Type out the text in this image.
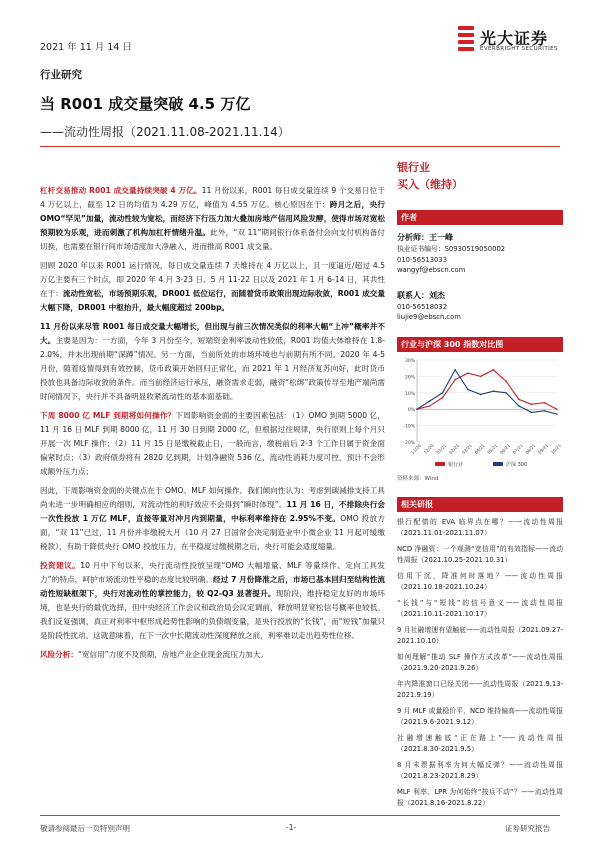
2021 年 11 月 14 日	光大证券
EVERBRIGHT SECURITIES
行业研究
当 R001 成交量突破 4.5 万亿
——流动性周报（2021.11.08-2021.11.14）

杠杆交易推动 R001 成交量持续突破 4 万亿。11 月份以来，R001 每日成交量连续 9 个交易日位于 4 万亿以上，截至 12 日的均值为 4.29 万亿，峰值为 4.55 万亿。核心原因在于：跨月之后，央行 OMO“罕见”加量，流动性较为宽松，而经济下行压力加大叠加房地产信用风险发酵，使得市场对宽松预期较为乐观，进而刺激了机构加杠杆情绪升温。此外，“双 11”期间银行体系备付会向支付机构备付切换，也需要在银行间市场适度加大净融入，进而推高 R001 成交量。

回顾 2020 年以来 R001 运行情况，每日成交量连续 7 天维持在 4 万亿以上，且一度逼近/超过 4.5 万亿主要有三个时点，即 2020 年 4 月 3-23 日、5 月 11-22 日以及 2021 年 1 月 6-14 日，其共性在于：流动性宽松，市场预期乐观，DR001 低位运行，而随着货币政策出现边际收敛，R001 成交量大幅下降，DR001 中枢抬升，最大幅度超过 200bp。

11 月份以来尽管 R001 每日成交量大幅增长，但出现与前三次情况类似的利率大幅“上冲”概率并不大。主要是因为：一方面，今年 3 月份至今，短端资金利率波动性较低，R001 均值大体维持在 1.8-2.0%，并未出现前期“深蹲”情况。另一方面，当前所处的市场环境也与前期有所不同。2020 年 4-5 月份，随着疫情得到有效控制，货币政策开始回归正常化，而 2021 年 1 月经济复苏向好，此时货币投放也具备边际收敛的条件。而当前经济运行承压，融资需求走弱，融资“松绑”政策传导至地产端尚需时间情况下，央行并不具备明显收紧流动性的基本面基础。

下周 8000 亿 MLF 到期将如何操作？下周影响资金面的主要因素包括：（1）OMO 到期 5000 亿，11 月 16 日 MLF 到期 8000 亿，11 月 30 日到期 2000 亿，但根据过往规律，央行原则上每个月只开展一次 MLF 操作；（2）11 月 15 日是缴税截止日，一般而言，缴税前后 2-3 个工作日属于资金面偏紧时点；（3）政府债券将有 2820 亿到期，计划净融资 536 亿，流动性消耗力度可控，预计不会形成额外压力点；

因此，下周影响资金面的关键点在于 OMO、MLF 如何操作。我们倾向性认为：考虑到碳减排支持工具尚未进一步明确相应的细则，对流动性的利好效应不会得到“瞬时体现”。11 月 16 日，不排除央行会一次性投放 1 万亿 MLF，直接等量对冲月内到期量，中标利率维持在 2.95%不变。OMO 投放方面，“双 11”已过，11 月份并非缴税大月（10 月 27 日国常会决定制造业中小微企业 11 月起可缓缴税款），有助于降低央行 OMO 投放压力，在平稳度过缴税期之后，央行可能会适度缩量。

投资建议。10 月中下旬以来，央行流动性投放呈现“OMO 大幅增量、MLF 等量续作、定向工具发力”的特点，呵护市场流动性平稳的态度比较明确。经过 7 月份降准之后，市场已基本回归至结构性流动性短缺框架下，央行对流动性的掌控能力，较 Q2-Q3 显著提升。现阶段，维持稳定友好的市场环境，也是央行的最优选择，但中央经济工作会议和政治局会议定调前，释放明显宽松信号概率也较低。我们反复强调，真正对利率中枢形成趋势性影响的负债端变量，是央行投放的“长钱”，而“短钱”加量只是阶段性扰动。这就意味着，在下一次中长期流动性深度释放之前，利率难以走出趋势性位移。

风险分析：“宽信用”力度不及预期，房地产业企业现金流压力加大。

银行业
买入（维持）
作者
分析师：王一峰
执业证书编号：S0930519050002
010-56513033
wangyf@ebscn.com
联系人：刘杰
010-56518032
liujie9@ebscn.com
行业与沪深 300 指数对比图
-20%
-10%
0%
10%
20%
30%
11/20 12/20 01/21 02/21 03/21 04/21 05/21 06/21 07/21 08/21 09/21 10/21
银行业	沪深 300
资料来源：Wind
相关研报
银行配债的 EVA 临界点在哪？——流动性周报（2021.11.01-2021.11.07）
NCD 净融资：一个观测“宽信用”的有效指标——流动性周报（2021.10.25-2021.10.31）
信用下沉，降准何时落地？——流动性周报（2021.10.18-2021.10.24）
“长钱”与“短钱”的信号意义——流动性周报（2021.10.11-2021.10.17）
9 月社融增速有望触底——流动性周报（2021.09.27-2021.10.10）
如何理解“推动 SLF 操作方式改革”——流动性周报（2021.9.20-2021.9.26）
年内降准窗口已经关闭——流动性周报（2021.9.13-2021.9.19）
9 月 MLF 或量稳价平，NCD 维持偏高——流动性周报（2021.9.6-2021.9.12）
社融增速触底“正在路上”——流动性周报（2021.8.30-2021.9.5）
8 月末票据利率为何大幅反弹？——流动性周报（2021.8.23-2021.8.29）
MLF 利率、LPR 为何始终“按兵不动”？——流动性周报（2021.8.16-2021.8.22）
敬请参阅最后一页特别声明	-1-	证券研究报告
